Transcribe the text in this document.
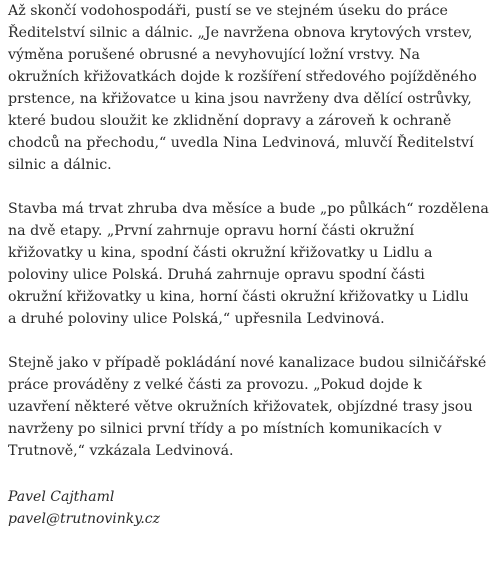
Až skončí vodohospodáři, pustí se ve stejném úseku do práce
Ředitelství silnic a dálnic. „Je navržena obnova krytových vrstev,
výměna porušené obrusné a nevyhovující ložní vrstvy. Na
okružních křižovatkách dojde k rozšíření středového pojížděného
prstence, na křižovatce u kina jsou navrženy dva dělící ostrůvky,
které budou sloužit ke zklidnění dopravy a zároveň k ochraně
chodců na přechodu,“ uvedla Nina Ledvinová, mluvčí Ředitelství
silnic a dálnic.

Stavba má trvat zhruba dva měsíce a bude „po půlkách“ rozdělena
na dvě etapy. „První zahrnuje opravu horní části okružní
křižovatky u kina, spodní části okružní křižovatky u Lidlu a
poloviny ulice Polská. Druhá zahrnuje opravu spodní části
okružní křižovatky u kina, horní části okružní křižovatky u Lidlu
a druhé poloviny ulice Polská,“ upřesnila Ledvinová.

Stejně jako v případě pokládání nové kanalizace budou silničářské
práce prováděny z velké části za provozu. „Pokud dojde k
uzavření některé větve okružních křižovatek, objízdné trasy jsou
navrženy po silnici první třídy a po místních komunikacích v
Trutnově,“ vzkázala Ledvinová.

Pavel Cajthaml
pavel@trutnovinky.cz
